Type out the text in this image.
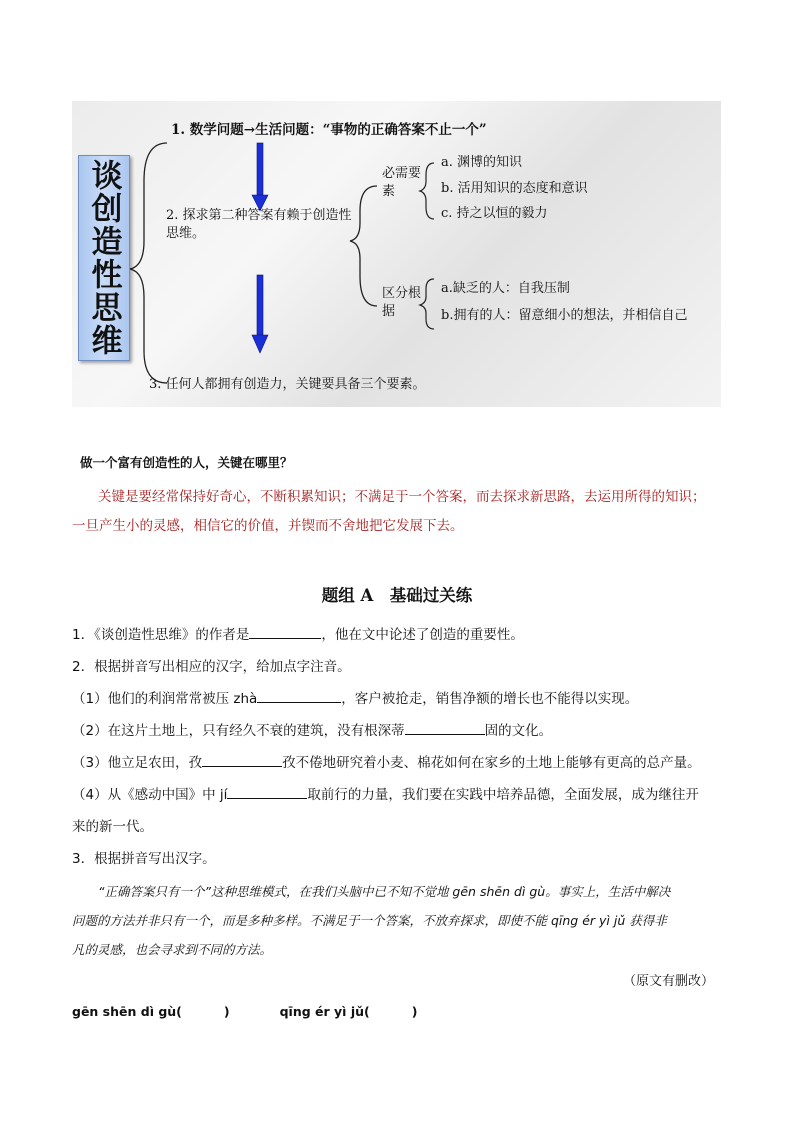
谈创造性思维
1. 数学问题→生活问题：“事物的正确答案不止一个”
2. 探求第二种答案有赖于创造性思维。
3. 任何人都拥有创造力，关键要具备三个要素。
必需要素
a. 渊博的知识
b. 活用知识的态度和意识
c. 持之以恒的毅力
区分根据
a.缺乏的人：自我压制
b.拥有的人：留意细小的想法，并相信自己
做一个富有创造性的人，关键在哪里？

关键是要经常保持好奇心，不断积累知识；不满足于一个答案，而去探求新思路，去运用所得的知识；

一旦产生小的灵感，相信它的价值，并锲而不舍地把它发展下去。

题组 A　基础过关练
1．《谈创造性思维》的作者是	，他在文中论述了创造的重要性。
2．根据拼音写出相应的汉字，给加点字注音。
（1）他们的利润常常被压 zhà	，客户被抢走，销售净额的增长也不能得以实现。
（2）在这片土地上，只有经久不衰的建筑，没有根深蒂	固的文化。
（3）他立足农田，孜	孜不倦地研究着小麦、棉花如何在家乡的土地上能够有更高的总产量。
（4）从《感动中国》中 jí	取前行的力量，我们要在实践中培养品德，全面发展，成为继往开
来的新一代。
3．根据拼音写出汉字。

“正确答案只有一个”这种思维模式，在我们头脑中已不知不觉地 gēn shēn dì gù。事实上，生活中解决

问题的方法并非只有一个，而是多种多样。不满足于一个答案，不放弃探求，即使不能 qīng ér yì jǔ 获得非

凡的灵感，也会寻求到不同的方法。

（原文有删改）
gēn shēn dì gù(	)	qīng ér yì jǔ(	)
